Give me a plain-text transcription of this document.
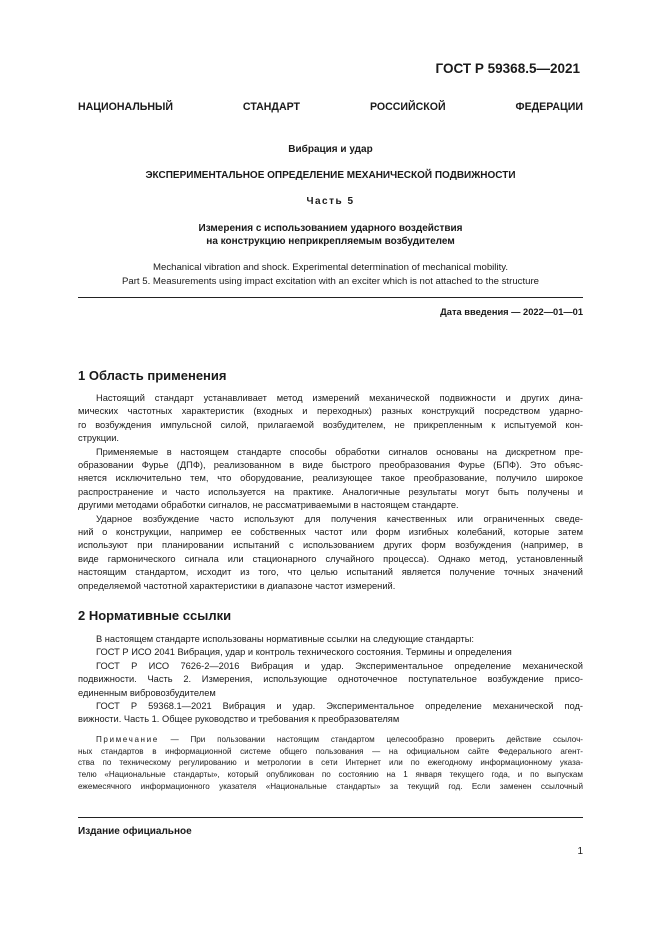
ГОСТ Р 59368.5—2021
НАЦИОНАЛЬНЫЙ СТАНДАРТ РОССИЙСКОЙ ФЕДЕРАЦИИ
Вибрация и удар
ЭКСПЕРИМЕНТАЛЬНОЕ ОПРЕДЕЛЕНИЕ МЕХАНИЧЕСКОЙ ПОДВИЖНОСТИ
Часть 5
Измерения с использованием ударного воздействия
на конструкцию неприкрепляемым возбудителем
Mechanical vibration and shock. Experimental determination of mechanical mobility.
Part 5. Measurements using impact excitation with an exciter which is not attached to the structure
Дата введения — 2022—01—01
1 Область применения
Настоящий стандарт устанавливает метод измерений механической подвижности и других дина-
мических частотных характеристик (входных и переходных) разных конструкций посредством ударно-
го возбуждения импульсной силой, прилагаемой возбудителем, не прикрепленным к испытуемой кон-
струкции.
Применяемые в настоящем стандарте способы обработки сигналов основаны на дискретном пре-
образовании Фурье (ДПФ), реализованном в виде быстрого преобразования Фурье (БПФ). Это объяс-
няется исключительно тем, что оборудование, реализующее такое преобразование, получило широкое
распространение и часто используется на практике. Аналогичные результаты могут быть получены и
другими методами обработки сигналов, не рассматриваемыми в настоящем стандарте.
Ударное возбуждение часто используют для получения качественных или ограниченных сведе-
ний о конструкции, например ее собственных частот или форм изгибных колебаний, которые затем
используют при планировании испытаний с использованием других форм возбуждения (например, в
виде гармонического сигнала или стационарного случайного процесса). Однако метод, установленный
настоящим стандартом, исходит из того, что целью испытаний является получение точных значений
определяемой частотной характеристики в диапазоне частот измерений.
2 Нормативные ссылки
В настоящем стандарте использованы нормативные ссылки на следующие стандарты:
ГОСТ Р ИСО 2041 Вибрация, удар и контроль технического состояния. Термины и определения
ГОСТ Р ИСО 7626-2—2016 Вибрация и удар. Экспериментальное определение механической
подвижности. Часть 2. Измерения, использующие одноточечное поступательное возбуждение присо-
единенным вибровозбудителем
ГОСТ Р 59368.1—2021 Вибрация и удар. Экспериментальное определение механической под-
вижности. Часть 1. Общее руководство и требования к преобразователям
Примечание — При пользовании настоящим стандартом целесообразно проверить действие ссылоч-
ных стандартов в информационной системе общего пользования — на официальном сайте Федерального агент-
ства по техническому регулированию и метрологии в сети Интернет или по ежегодному информационному указа-
телю «Национальные стандарты», который опубликован по состоянию на 1 января текущего года, и по выпускам
ежемесячного информационного указателя «Национальные стандарты» за текущий год. Если заменен ссылочный
Издание официальное
1
